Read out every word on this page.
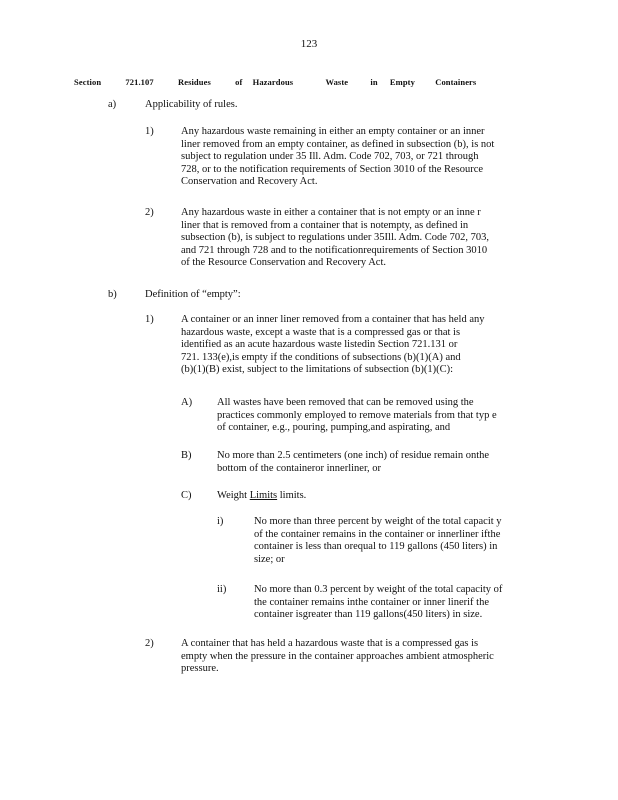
123
Section	721.107	Residues	of Hazardous	Waste	in Empty Containers
a)	Applicability of rules.
1)	Any hazardous waste remaining in either an empty container or an inner
liner removed from an empty container, as defined in subsection (b), is not
subject to regulation under 35 Ill. Adm. Code 702, 703, or 721 through
728, or to the notification requirements of Section 3010 of the Resource
Conservation and Recovery Act.
2)	Any hazardous waste in either a container that is not empty or an inne r
liner that is removed from a container that is notempty, as defined in
subsection (b), is subject to regulations under 35Ill. Adm. Code 702, 703,
and 721 through 728 and to the notificationrequirements of Section 3010
of the Resource Conservation and Recovery Act.
b)	Definition of “empty”:
1)	A container or an inner liner removed from a container that has held any
hazardous waste, except a waste that is a compressed gas or that is
identified as an acute hazardous waste listedin Section 721.131 or
721. 133(e),is empty if the conditions of subsections (b)(1)(A) and
(b)(1)(B) exist, subject to the limitations of subsection (b)(1)(C):
A) All wastes have been removed that can be removed using the
practices commonly employed to remove materials from that typ e
of container, e.g., pouring, pumping,and aspirating, and
B) No more than 2.5 centimeters (one inch) of residue remain onthe
bottom of the containeror innerliner, or
C) Weight Limits limits.
i)	No more than three percent by weight of the total capacit y
of the container remains in the container or innerliner ifthe
container is less than orequal to 119 gallons (450 liters) in
size; or
ii)	No more than 0.3 percent by weight of the total capacity of
the container remains inthe container or inner linerif the
container isgreater than 119 gallons(450 liters) in size.
2)	A container that has held a hazardous waste that is a compressed gas is
empty when the pressure in the container approaches ambient atmospheric
pressure.
